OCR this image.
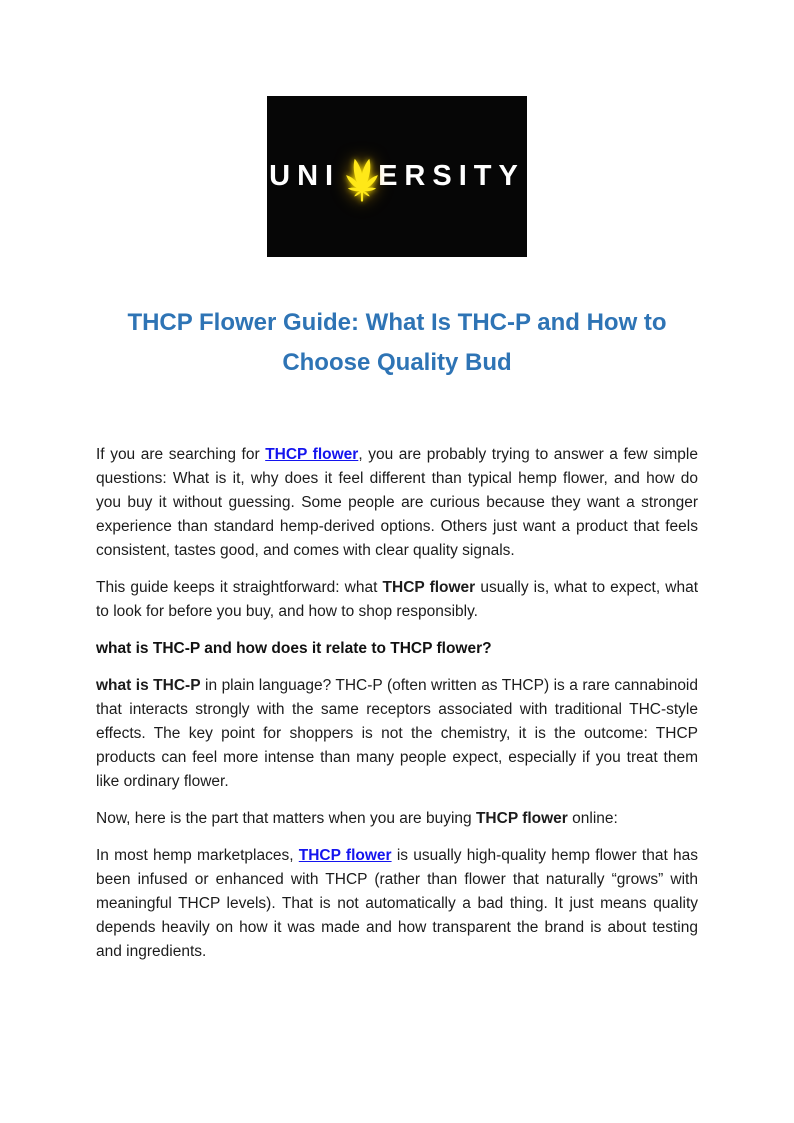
UNI ERSITY
THCP Flower Guide: What Is THC-P and How to
Choose Quality Bud

If you are searching for THCP flower, you are probably trying to answer a few simple questions: What is it, why does it feel different than typical hemp flower, and how do you buy it without guessing. Some people are curious because they want a stronger experience than standard hemp-derived options. Others just want a product that feels consistent, tastes good, and comes with clear quality signals.

This guide keeps it straightforward: what THCP flower usually is, what to expect, what to look for before you buy, and how to shop responsibly.

what is THC-P and how does it relate to THCP flower?

what is THC-P in plain language? THC-P (often written as THCP) is a rare cannabinoid that interacts strongly with the same receptors associated with traditional THC-style effects. The key point for shoppers is not the chemistry, it is the outcome: THCP products can feel more intense than many people expect, especially if you treat them like ordinary flower.

Now, here is the part that matters when you are buying THCP flower online:

In most hemp marketplaces, THCP flower is usually high-quality hemp flower that has been infused or enhanced with THCP (rather than flower that naturally “grows” with meaningful THCP levels). That is not automatically a bad thing. It just means quality depends heavily on how it was made and how transparent the brand is about testing and ingredients.
